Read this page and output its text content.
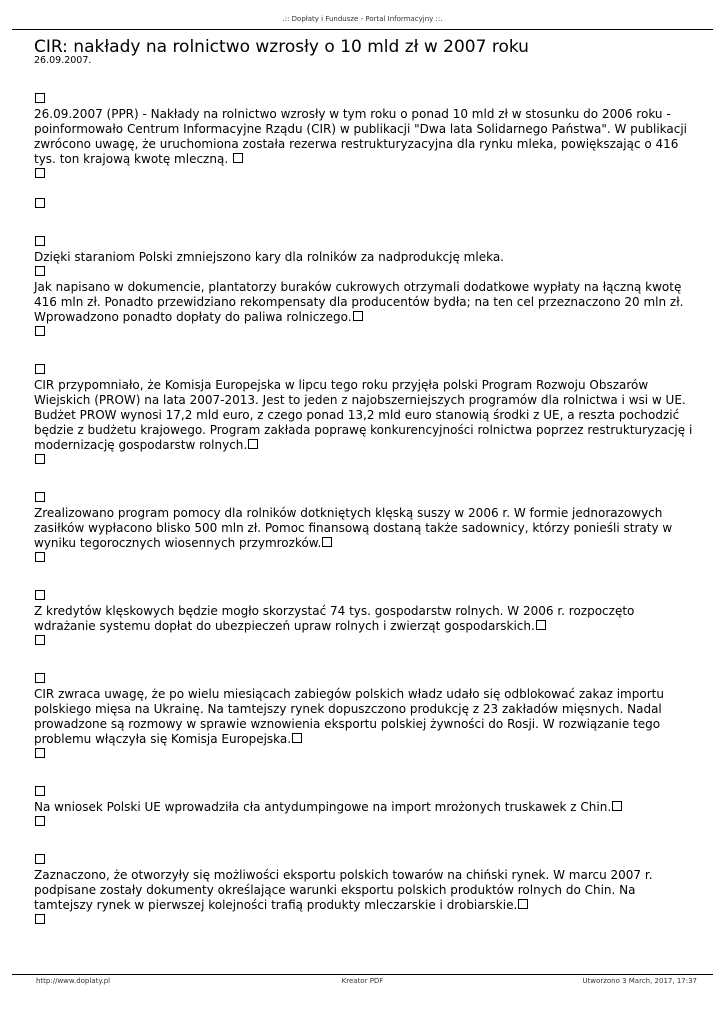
.:: Dopłaty i Fundusze - Portal Informacyjny ::.
CIR: nakłady na rolnictwo wzrosły o 10 mld zł w 2007 roku
26.09.2007.
26.09.2007 (PPR) - Nakłady na rolnictwo wzrosły w tym roku o ponad 10 mld zł w stosunku do 2006 roku - poinformowało Centrum Informacyjne Rządu (CIR) w publikacji "Dwa lata Solidarnego Państwa". W publikacji zwrócono uwagę, że uruchomiona została rezerwa restrukturyzacyjna dla rynku mleka, powiększając o 416 tys. ton krajową kwotę mleczną.
Dzięki staraniom Polski zmniejszono kary dla rolników za nadprodukcję mleka.
Jak napisano w dokumencie, plantatorzy buraków cukrowych otrzymali dodatkowe wypłaty na łączną kwotę 416 mln zł. Ponadto przewidziano rekompensaty dla producentów bydła; na ten cel przeznaczono 20 mln zł. Wprowadzono ponadto dopłaty do paliwa rolniczego.
CIR przypomniało, że Komisja Europejska w lipcu tego roku przyjęła polski Program Rozwoju Obszarów Wiejskich (PROW) na lata 2007-2013. Jest to jeden z najobszerniejszych programów dla rolnictwa i wsi w UE. Budżet PROW wynosi 17,2 mld euro, z czego ponad 13,2 mld euro stanowią środki z UE, a reszta pochodzić będzie z budżetu krajowego. Program zakłada poprawę konkurencyjności rolnictwa poprzez restrukturyzację i modernizację gospodarstw rolnych.
Zrealizowano program pomocy dla rolników dotkniętych klęską suszy w 2006 r. W formie jednorazowych zasiłków wypłacono blisko 500 mln zł. Pomoc finansową dostaną także sadownicy, którzy ponieśli straty w wyniku tegorocznych wiosennych przymrozków.
Z kredytów klęskowych będzie mogło skorzystać 74 tys. gospodarstw rolnych. W 2006 r. rozpoczęto wdrażanie systemu dopłat do ubezpieczeń upraw rolnych i zwierząt gospodarskich.
CIR zwraca uwagę, że po wielu miesiącach zabiegów polskich władz udało się odblokować zakaz importu polskiego mięsa na Ukrainę. Na tamtejszy rynek dopuszczono produkcję z 23 zakładów mięsnych. Nadal prowadzone są rozmowy w sprawie wznowienia eksportu polskiej żywności do Rosji. W rozwiązanie tego problemu włączyła się Komisja Europejska.
Na wniosek Polski UE wprowadziła cła antydumpingowe na import mrożonych truskawek z Chin.
Zaznaczono, że otworzyły się możliwości eksportu polskich towarów na chiński rynek. W marcu 2007 r. podpisane zostały dokumenty określające warunki eksportu polskich produktów rolnych do Chin. Na tamtejszy rynek w pierwszej kolejności trafią produkty mleczarskie i drobiarskie.
http://www.doplaty.pl	Kreator PDF	Utworzono 3 March, 2017, 17:37
